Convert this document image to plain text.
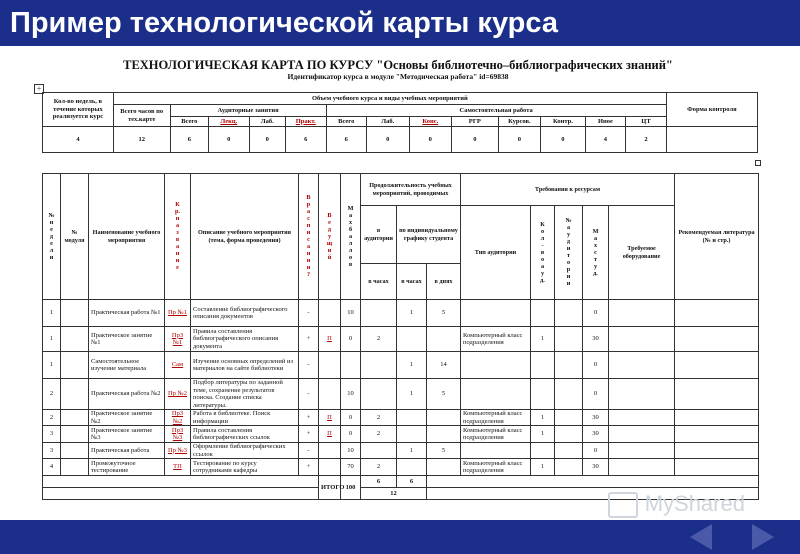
Пример технологической карты курса
ТЕХНОЛОГИЧЕСКАЯ КАРТА ПО КУРСУ "Основы библиотечно–библиографических знаний"
Идентификатор курса в модуле "Методическая работа" id=69838
+
Кол-во недель, в течение которых реализуется курс	Объем учебного курса и виды учебных мероприятий													Форма контроля
	Всего часов по тех.карте	Аудиторные занятия				Самостоятельная работа								
		Всего	Лекц.	Лаб.	Практ.	Всего	Лаб.	Конс.	РГР	Курсов.	Контр.	Иное	ЦТ	
4	12	6	0	0	6	6	0	0	0	0	0	4	2	
№ н е д е л и	№ модуля	Наименование учебного мероприятия	К р. н а з в а н и е	Описание учебного мероприятия (тема, форма проведения)	В р а с п и с а н и и ?	В е д у щ и й	М а х б а л л о в	Продолжительность учебных мероприятий, проводимых			Требования к ресурсам					Рекомендуемая литература (№ и стр.)
								в аудитории	по индивидуальному графику студента		Тип аудитории	К о л - в о а у д.	№ а у д и т о р и и	М а х с т у д.	Требуемое оборудование	
								в часах	в часах	в днях						
1		Практическая работа №1	Пр №1	Составление библиографического описания документов	-		10		1	5				0		
1		Практическое занятие №1	ПрЗ №1	Правила составления библиографического описания документа	+	П	0	2			Компьютерный класс подразделения	1		30		
1		Самостоятельное изучение материала	Сам	Изучение основных определений из материалов на сайте библиотеки	-				1	14				0		
2		Практическая работа №2	Пр №2	Подбор литературы по заданной теме, сохранение результатов поиска. Создание списка литературы.	-		10		1	5				0		
2		Практическое занятие №2	ПрЗ №2	Работа в библиотеке. Поиск информации	+	П	0	2			Компьютерный класс подразделения	1		30		
3		Практическое занятие №3	ПрЗ №3	Правила составления библиографических ссылок	+	П	0	2			Компьютерный класс подразделения	1		30		
3		Практическая работа	Пр №3	Оформление библиографических ссылок	-		10		1	5				0		
4		Промежуточное тестирование	ТП	Тестирование по курсу сотрудниками кафедры	+		70	2			Компьютерный класс подразделения	1		30		
						ИТОГО	100	6	6							
								12									MyShared
